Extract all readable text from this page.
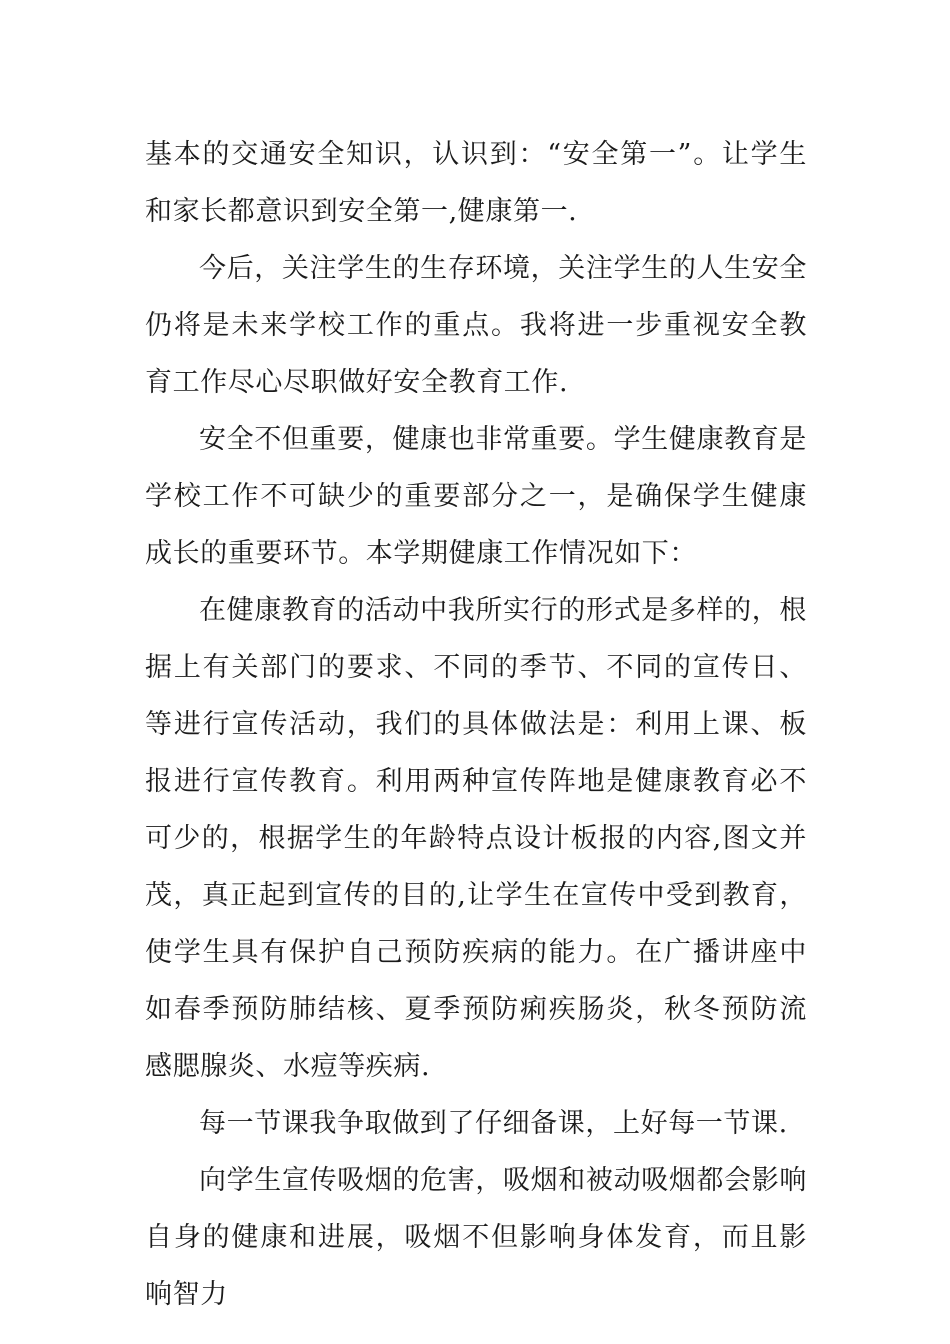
基本的交通安全知识，认识到：“安全第一”。让学生和家长都意识到安全第一,健康第一.

今后，关注学生的生存环境，关注学生的人生安全仍将是未来学校工作的重点。我将进一步重视安全教育工作尽心尽职做好安全教育工作.

安全不但重要，健康也非常重要。学生健康教育是学校工作不可缺少的重要部分之一，是确保学生健康成长的重要环节。本学期健康工作情况如下：

在健康教育的活动中我所实行的形式是多样的，根据上有关部门的要求、不同的季节、不同的宣传日、等进行宣传活动，我们的具体做法是：利用上课、板报进行宣传教育。利用两种宣传阵地是健康教育必不可少的，根据学生的年龄特点设计板报的内容,图文并茂，真正起到宣传的目的,让学生在宣传中受到教育，使学生具有保护自己预防疾病的能力。在广播讲座中如春季预防肺结核、夏季预防痢疾肠炎，秋冬预防流感腮腺炎、水痘等疾病.

每一节课我争取做到了仔细备课，上好每一节课.

向学生宣传吸烟的危害，吸烟和被动吸烟都会影响自身的健康和进展，吸烟不但影响身体发育，而且影响智力
